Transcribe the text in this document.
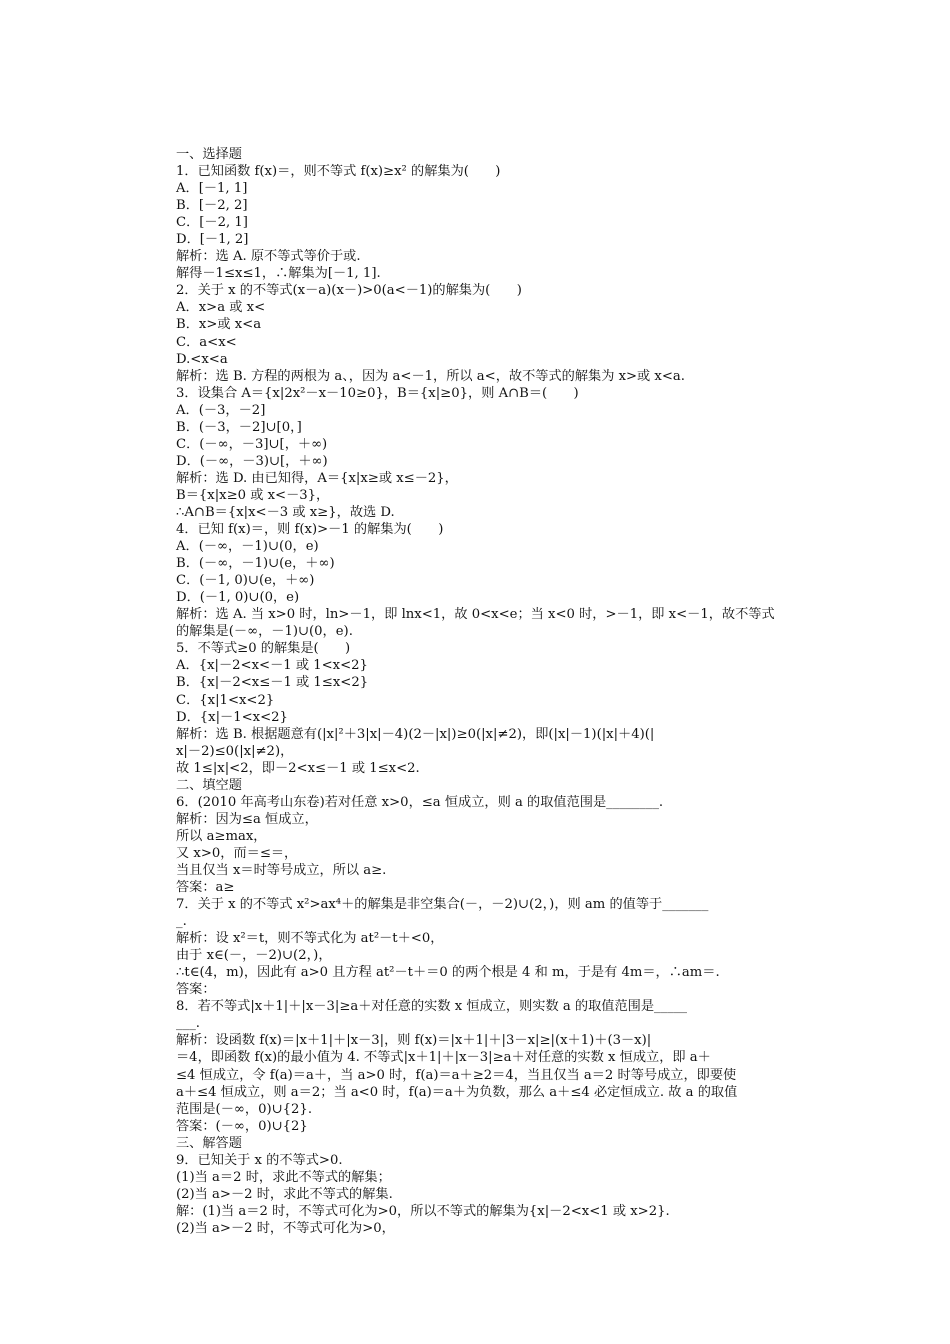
一、选择题
1．已知函数 f(x)＝，则不等式 f(x)≥x² 的解集为(　　)
A．[－1, 1]
B．[－2, 2]
C．[－2, 1]
D．[－1, 2]
解析：选 A. 原不等式等价于或.
解得－1≤x≤1，∴解集为[－1, 1].
2．关于 x 的不等式(x－a)(x－)>0(a<－1)的解集为(　　)
A．x>a 或 x<
B．x>或 x<a
C．a<x<
D.<x<a
解析：选 B. 方程的两根为 a、，因为 a<－1，所以 a<，故不等式的解集为 x>或 x<a.
3．设集合 A＝{x|2x²－x－10≥0}，B＝{x|≥0}，则 A∩B＝(　　)
A．(－3，－2]
B．(－3，－2]∪[0，]
C．(－∞，－3]∪[，＋∞)
D．(－∞，－3)∪[，＋∞)
解析：选 D. 由已知得，A＝{x|x≥或 x≤－2}，
B＝{x|x≥0 或 x<－3}，
∴A∩B＝{x|x<－3 或 x≥}，故选 D.
4．已知 f(x)＝，则 f(x)>－1 的解集为(　　)
A．(－∞，－1)∪(0，e)
B．(－∞，－1)∪(e，＋∞)
C．(－1, 0)∪(e，＋∞)
D．(－1, 0)∪(0，e)
解析：选 A. 当 x>0 时，ln>－1，即 lnx<1，故 0<x<e；当 x<0 时，>－1，即 x<－1，故不等式
的解集是(－∞，－1)∪(0，e).
5．不等式≥0 的解集是(　　)
A．{x|－2<x<－1 或 1<x<2}
B．{x|－2<x≤－1 或 1≤x<2}
C．{x|1<x<2}
D．{x|－1<x<2}
解析：选 B. 根据题意有(|x|²＋3|x|－4)(2－|x|)≥0(|x|≠2)，即(|x|－1)(|x|＋4)(|
x|－2)≤0(|x|≠2)，
故 1≤|x|<2，即－2<x≤－1 或 1≤x<2.
二、填空题
6．(2010 年高考山东卷)若对任意 x>0，≤a 恒成立，则 a 的取值范围是________.
解析：因为≤a 恒成立，
所以 a≥max，
又 x>0，而＝≤＝，
当且仅当 x＝时等号成立，所以 a≥.
答案：a≥
7．关于 x 的不等式 x²>ax⁴＋的解集是非空集合(－，－2)∪(2，)，则 am 的值等于_______
_.
解析：设 x²＝t，则不等式化为 at²－t＋<0，
由于 x∈(－，－2)∪(2，)，
∴t∈(4，m)，因此有 a>0 且方程 at²－t＋＝0 的两个根是 4 和 m，于是有 4m＝，∴am＝.
答案：
8．若不等式|x＋1|＋|x－3|≥a＋对任意的实数 x 恒成立，则实数 a 的取值范围是_____
___.
解析：设函数 f(x)＝|x＋1|＋|x－3|，则 f(x)＝|x＋1|＋|3－x|≥|(x＋1)＋(3－x)|
＝4，即函数 f(x)的最小值为 4. 不等式|x＋1|＋|x－3|≥a＋对任意的实数 x 恒成立，即 a＋
≤4 恒成立，令 f(a)＝a＋，当 a>0 时，f(a)＝a＋≥2＝4，当且仅当 a＝2 时等号成立，即要使
a＋≤4 恒成立，则 a＝2；当 a<0 时，f(a)＝a＋为负数，那么 a＋≤4 必定恒成立. 故 a 的取值
范围是(－∞，0)∪{2}.
答案：(－∞，0)∪{2}
三、解答题
9．已知关于 x 的不等式>0.
(1)当 a＝2 时，求此不等式的解集；
(2)当 a>－2 时，求此不等式的解集.
解：(1)当 a＝2 时，不等式可化为>0，所以不等式的解集为{x|－2<x<1 或 x>2}.
(2)当 a>－2 时，不等式可化为>0，
